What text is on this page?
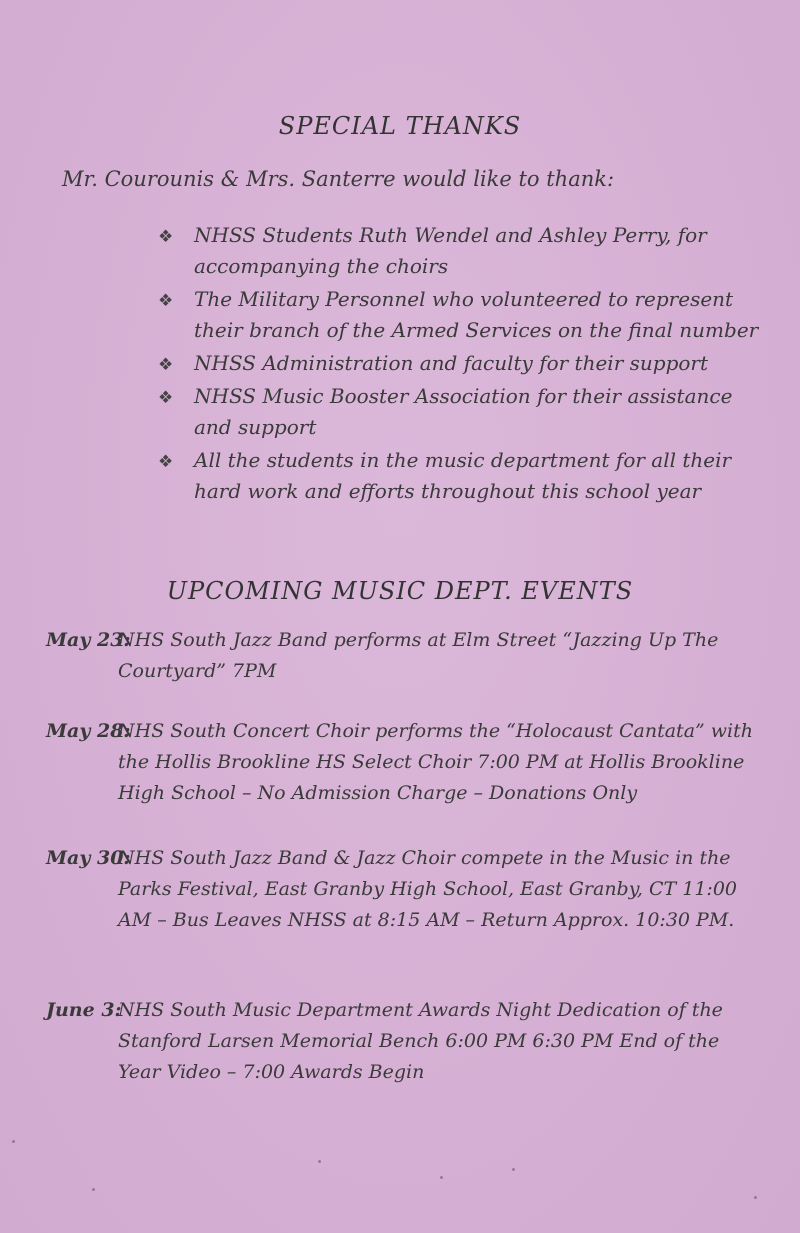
SPECIAL THANKS
Mr. Courounis & Mrs. Santerre would like to thank:
❖ NHSS Students Ruth Wendel and Ashley Perry, for accompanying the choirs
❖ The Military Personnel who volunteered to represent their branch of the Armed Services on the final number
❖ NHSS Administration and faculty for their support
❖ NHSS Music Booster Association for their assistance and support
❖ All the students in the music department for all their hard work and efforts throughout this school year
UPCOMING MUSIC DEPT. EVENTS
May 23:
NHS South Jazz Band performs at Elm Street “Jazzing Up The Courtyard” 7PM
May 28:
NHS South Concert Choir performs the “Holocaust Cantata” with the Hollis Brookline HS Select Choir 7:00 PM at Hollis Brookline High School – No Admission Charge – Donations Only
May 30:
NHS South Jazz Band & Jazz Choir compete in the Music in the Parks Festival, East Granby High School, East Granby, CT 11:00 AM – Bus Leaves NHSS at 8:15 AM – Return Approx. 10:30 PM.
June 3:
NHS South Music Department Awards Night Dedication of the Stanford Larsen Memorial Bench 6:00 PM 6:30 PM End of the Year Video – 7:00 Awards Begin
